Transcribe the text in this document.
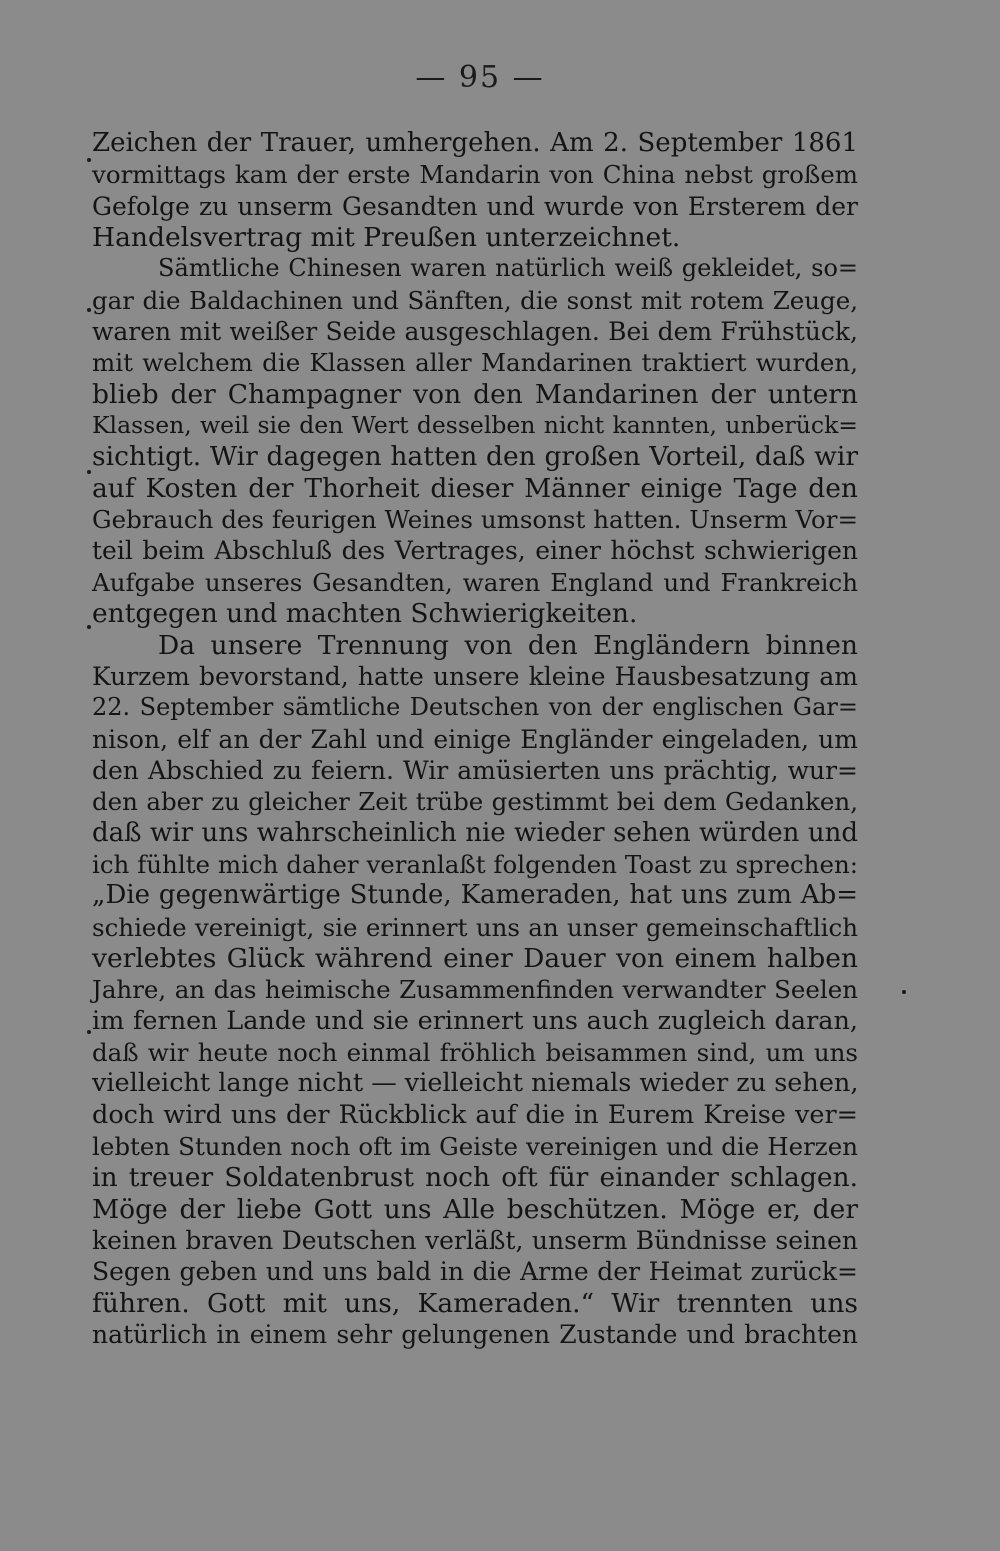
— 95 —
Zeichen der Trauer, umhergehen. Am 2. September 1861
vormittags kam der erste Mandarin von China nebst großem
Gefolge zu unserm Gesandten und wurde von Ersterem der
Handelsvertrag mit Preußen unterzeichnet.
Sämtliche Chinesen waren natürlich weiß gekleidet, so=
gar die Baldachinen und Sänften, die sonst mit rotem Zeuge,
waren mit weißer Seide ausgeschlagen. Bei dem Frühstück,
mit welchem die Klassen aller Mandarinen traktiert wurden,
blieb der Champagner von den Mandarinen der untern
Klassen, weil sie den Wert desselben nicht kannten, unberück=
sichtigt. Wir dagegen hatten den großen Vorteil, daß wir
auf Kosten der Thorheit dieser Männer einige Tage den
Gebrauch des feurigen Weines umsonst hatten. Unserm Vor=
teil beim Abschluß des Vertrages, einer höchst schwierigen
Aufgabe unseres Gesandten, waren England und Frankreich
entgegen und machten Schwierigkeiten.
Da unsere Trennung von den Engländern binnen
Kurzem bevorstand, hatte unsere kleine Hausbesatzung am
22. September sämtliche Deutschen von der englischen Gar=
nison, elf an der Zahl und einige Engländer eingeladen, um
den Abschied zu feiern. Wir amüsierten uns prächtig, wur=
den aber zu gleicher Zeit trübe gestimmt bei dem Gedanken,
daß wir uns wahrscheinlich nie wieder sehen würden und
ich fühlte mich daher veranlaßt folgenden Toast zu sprechen:
„Die gegenwärtige Stunde, Kameraden, hat uns zum Ab=
schiede vereinigt, sie erinnert uns an unser gemeinschaftlich
verlebtes Glück während einer Dauer von einem halben
Jahre, an das heimische Zusammenfinden verwandter Seelen
im fernen Lande und sie erinnert uns auch zugleich daran,
daß wir heute noch einmal fröhlich beisammen sind, um uns
vielleicht lange nicht — vielleicht niemals wieder zu sehen,
doch wird uns der Rückblick auf die in Eurem Kreise ver=
lebten Stunden noch oft im Geiste vereinigen und die Herzen
in treuer Soldatenbrust noch oft für einander schlagen.
Möge der liebe Gott uns Alle beschützen. Möge er, der
keinen braven Deutschen verläßt, unserm Bündnisse seinen
Segen geben und uns bald in die Arme der Heimat zurück=
führen. Gott mit uns, Kameraden.“ Wir trennten uns
natürlich in einem sehr gelungenen Zustande und brachten
